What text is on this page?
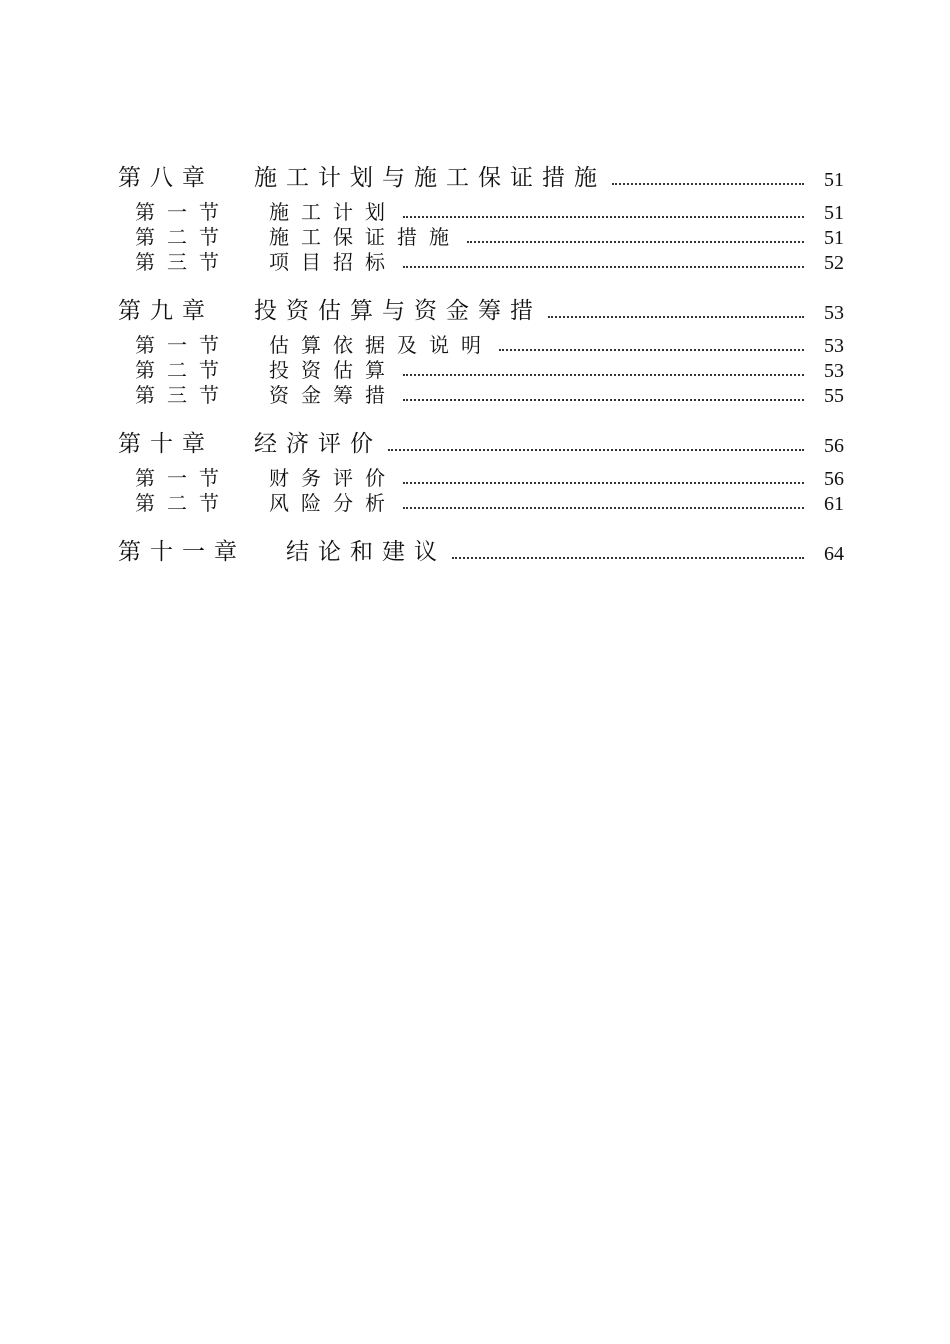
第八章	施工计划与施工保证措施	51
第一节	施工计划	51
第二节	施工保证措施	51
第三节	项目招标	52
第九章	投资估算与资金筹措	53
第一节	估算依据及说明	53
第二节	投资估算	53
第三节	资金筹措	55
第十章	经济评价	56
第一节	财务评价	56
第二节	风险分析	61
第十一章	结论和建议	64
